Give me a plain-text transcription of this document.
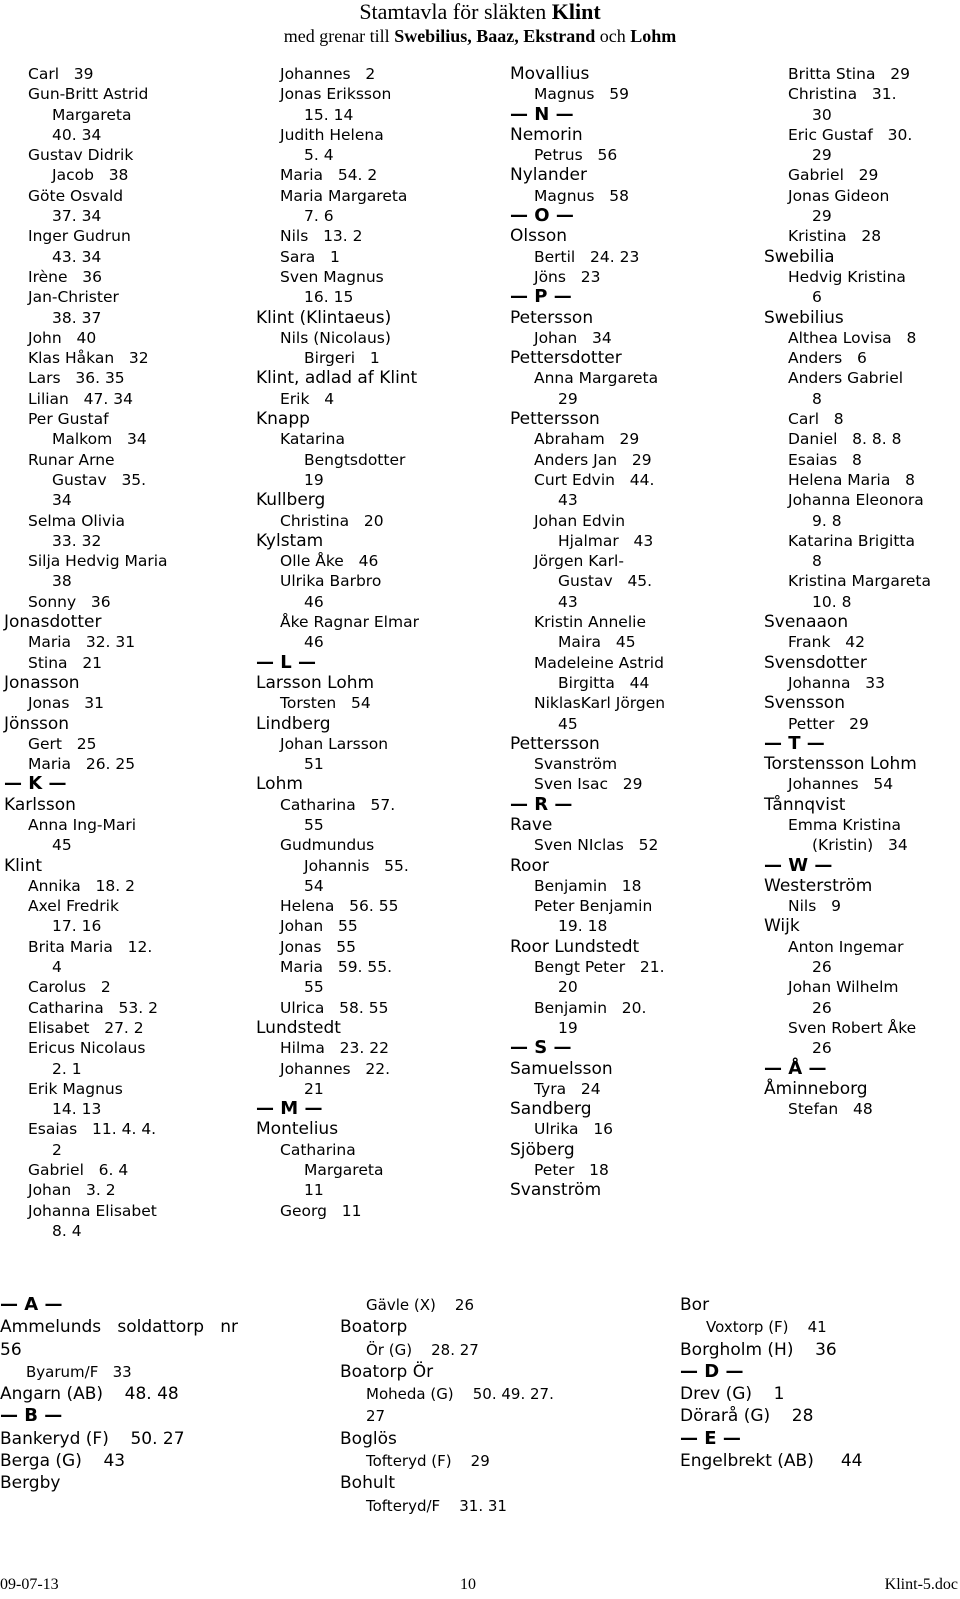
Stamtavla för släkten Klint
med grenar till Swebilius, Baaz, Ekstrand och Lohm
Carl   39
Gun-Britt Astrid
Margareta
40. 34
Gustav Didrik
Jacob   38
Göte Osvald
37. 34
Inger Gudrun
43. 34
Irène   36
Jan-Christer
38. 37
John   40
Klas Håkan   32
Lars   36. 35
Lilian   47. 34
Per Gustaf
Malkom   34
Runar Arne
Gustav   35.
34
Selma Olivia
33. 32
Silja Hedvig Maria
38
Sonny   36
Jonasdotter
Maria   32. 31
Stina   21
Jonasson
Jonas   31
Jönsson
Gert   25
Maria   26. 25
— K —
Karlsson
Anna Ing-Mari
45
Klint
Annika   18. 2
Axel Fredrik
17. 16
Brita Maria   12.
4
Carolus   2
Catharina   53. 2
Elisabet   27. 2
Ericus Nicolaus
2. 1
Erik Magnus
14. 13
Esaias   11. 4. 4.
2
Gabriel   6. 4
Johan   3. 2
Johanna Elisabet
8. 4
Johannes   2
Jonas Eriksson
15. 14
Judith Helena
5. 4
Maria   54. 2
Maria Margareta
7. 6
Nils   13. 2
Sara   1
Sven Magnus
16. 15
Klint (Klintaeus)
Nils (Nicolaus)
Birgeri   1
Klint, adlad af Klint
Erik   4
Knapp
Katarina
Bengtsdotter
19
Kullberg
Christina   20
Kylstam
Olle Åke   46
Ulrika Barbro
46
Åke Ragnar Elmar
46
— L —
Larsson Lohm
Torsten   54
Lindberg
Johan Larsson
51
Lohm
Catharina   57.
55
Gudmundus
Johannis   55.
54
Helena   56. 55
Johan   55
Jonas   55
Maria   59. 55.
55
Ulrica   58. 55
Lundstedt
Hilma   23. 22
Johannes   22.
21
— M —
Montelius
Catharina
Margareta
11
Georg   11
Movallius
Magnus   59
— N —
Nemorin
Petrus   56
Nylander
Magnus   58
— O —
Olsson
Bertil   24. 23
Jöns   23
— P —
Petersson
Johan   34
Pettersdotter
Anna Margareta
29
Pettersson
Abraham   29
Anders Jan   29
Curt Edvin   44.
43
Johan Edvin
Hjalmar   43
Jörgen Karl-
Gustav   45.
43
Kristin Annelie
Maira   45
Madeleine Astrid
Birgitta   44
NiklasKarl Jörgen
45
Pettersson
Svanström
Sven Isac   29
— R —
Rave
Sven NIclas   52
Roor
Benjamin   18
Peter Benjamin
19. 18
Roor Lundstedt
Bengt Peter   21.
20
Benjamin   20.
19
— S —
Samuelsson
Tyra   24
Sandberg
Ulrika   16
Sjöberg
Peter   18
Svanström
Britta Stina   29
Christina   31.
30
Eric Gustaf   30.
29
Gabriel   29
Jonas Gideon
29
Kristina   28
Swebilia
Hedvig Kristina
6
Swebilius
Althea Lovisa   8
Anders   6
Anders Gabriel
8
Carl   8
Daniel   8. 8. 8
Esaias   8
Helena Maria   8
Johanna Eleonora
9. 8
Katarina Brigitta
8
Kristina Margareta
10. 8
Svenaaon
Frank   42
Svensdotter
Johanna   33
Svensson
Petter   29
— T —
Torstensson Lohm
Johannes   54
Tånnqvist
Emma Kristina
(Kristin)   34
— W —
Westerström
Nils   9
Wijk
Anton Ingemar
26
Johan Wilhelm
26
Sven Robert Åke
26
— Å —
Åminneborg
Stefan   48
— A —
Ammelunds   soldattorp   nr
56
Byarum/F   33
Angarn (AB)    48. 48
— B —
Bankeryd (F)    50. 27
Berga (G)    43
Bergby
Gävle (X)    26
Boatorp
Ör (G)    28. 27
Boatorp Ör
Moheda (G)    50. 49. 27.
27
Boglös
Tofteryd (F)    29
Bohult
Tofteryd/F    31. 31
Bor
Voxtorp (F)    41
Borgholm (H)    36
— D —
Drev (G)    1
Dörarå (G)    28
— E —
Engelbrekt (AB)     44
09-07-13	10	Klint-5.doc
